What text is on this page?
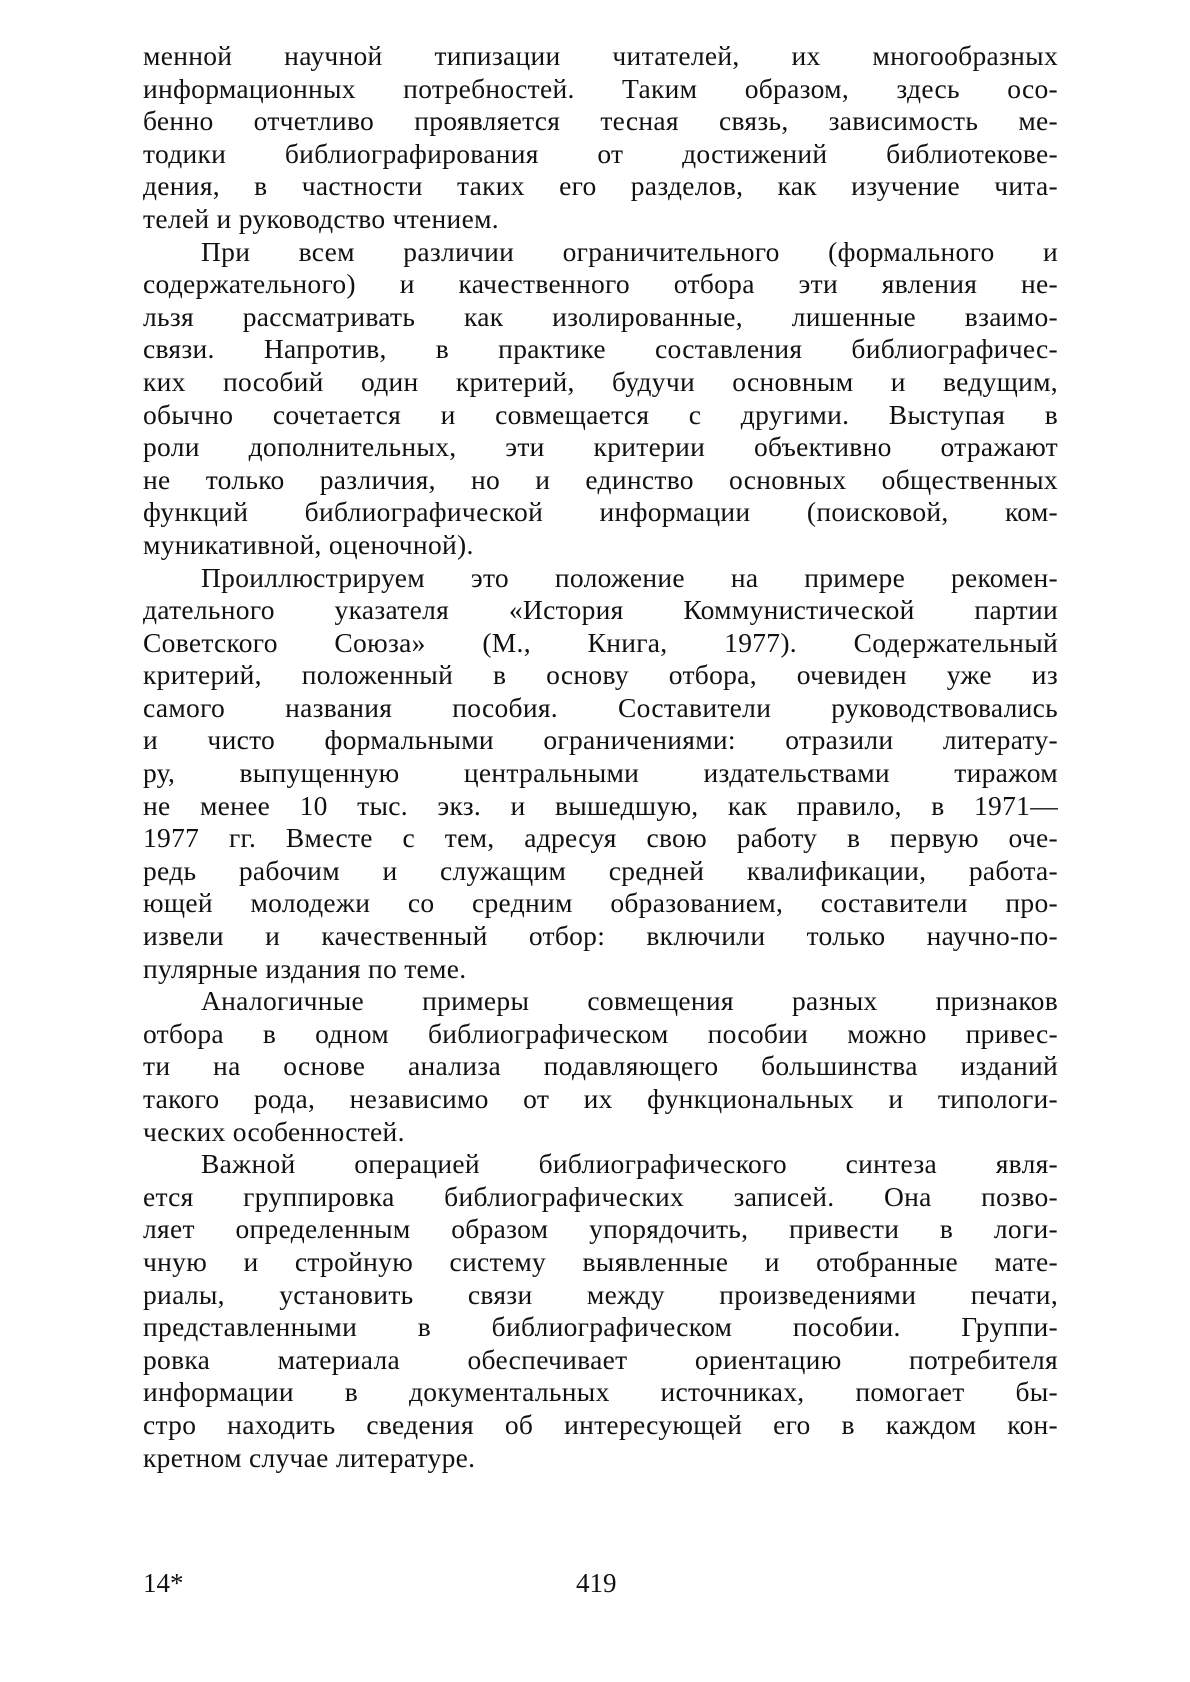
менной научной типизации читателей, их многообразных
информационных потребностей. Таким образом, здесь осо-
бенно отчетливо проявляется тесная связь, зависимость ме-
тодики библиографирования от достижений библиотекове-
дения, в частности таких его разделов, как изучение чита-
телей и руководство чтением.
При всем различии ограничительного (формального и
содержательного) и качественного отбора эти явления не-
льзя рассматривать как изолированные, лишенные взаимо-
связи. Напротив, в практике составления библиографичес-
ких пособий один критерий, будучи основным и ведущим,
обычно сочетается и совмещается с другими. Выступая в
роли дополнительных, эти критерии объективно отражают
не только различия, но и единство основных общественных
функций библиографической информации (поисковой, ком-
муникативной, оценочной).
Проиллюстрируем это положение на примере рекомен-
дательного указателя «История Коммунистической партии
Советского Союза» (М., Книга, 1977). Содержательный
критерий, положенный в основу отбора, очевиден уже из
самого названия пособия. Составители руководствовались
и чисто формальными ограничениями: отразили литерату-
ру, выпущенную центральными издательствами тиражом
не менее 10 тыс. экз. и вышедшую, как правило, в 1971—
1977 гг. Вместе с тем, адресуя свою работу в первую оче-
редь рабочим и служащим средней квалификации, работа-
ющей молодежи со средним образованием, составители про-
извели и качественный отбор: включили только научно-по-
пулярные издания по теме.
Аналогичные примеры совмещения разных признаков
отбора в одном библиографическом пособии можно привес-
ти на основе анализа подавляющего большинства изданий
такого рода, независимо от их функциональных и типологи-
ческих особенностей.
Важной операцией библиографического синтеза явля-
ется группировка библиографических записей. Она позво-
ляет определенным образом упорядочить, привести в логи-
чную и стройную систему выявленные и отобранные мате-
риалы, установить связи между произведениями печати,
представленными в библиографическом пособии. Группи-
ровка материала обеспечивает ориентацию потребителя
информации в документальных источниках, помогает бы-
стро находить сведения об интересующей его в каждом кон-
кретном случае литературе.
14*	419
